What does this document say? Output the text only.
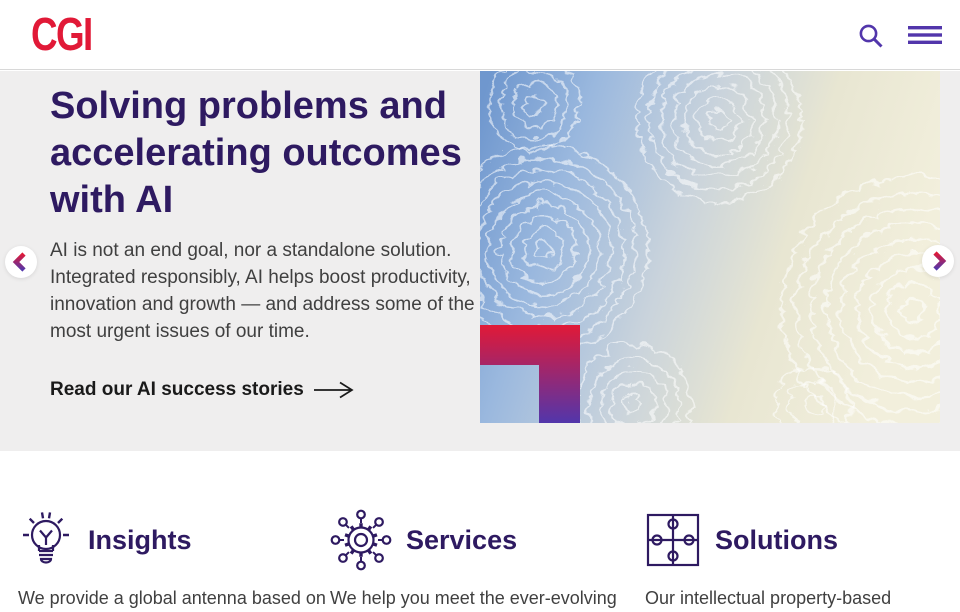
CGI
Solving problems and accelerating outcomes with AI

AI is not an end goal, nor a standalone solution. Integrated responsibly, AI helps boost productivity, innovation and growth — and address some of the most urgent issues of our time.

Read our AI success stories
Insights

We provide a global antenna based on

Services

We help you meet the ever-evolving

Solutions

Our intellectual property-based
